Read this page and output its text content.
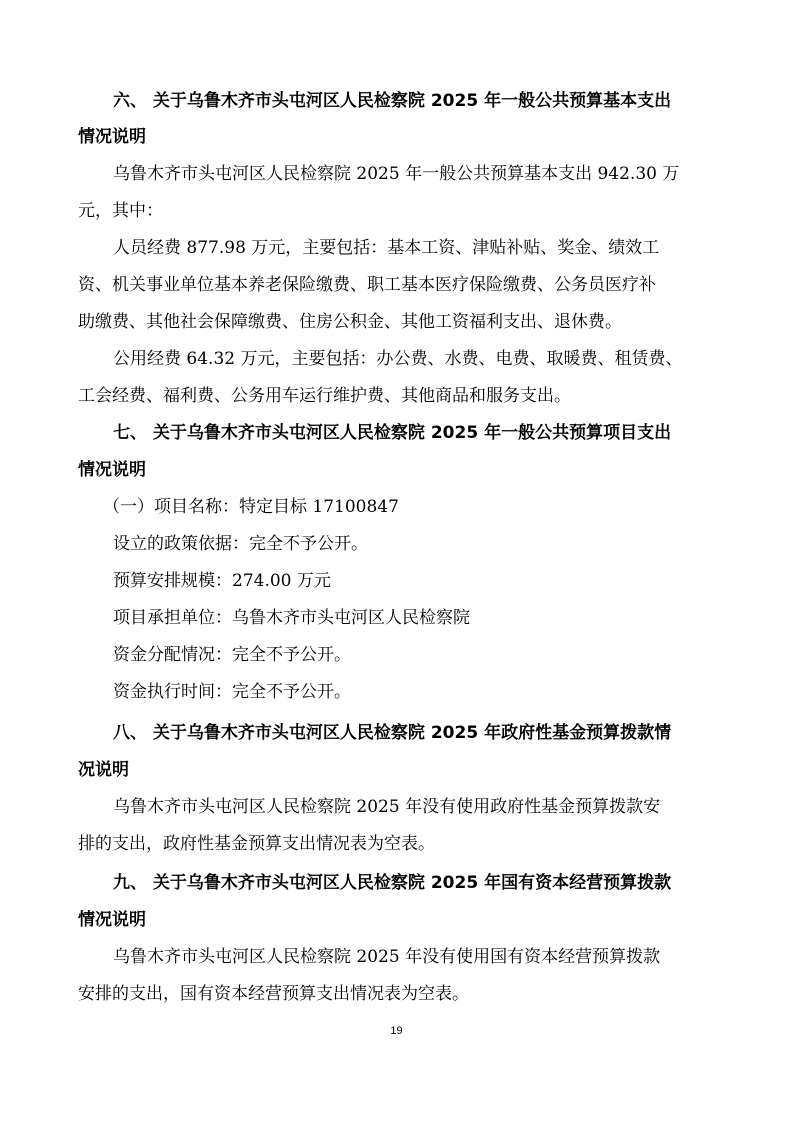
六、 关于乌鲁木齐市头屯河区人民检察院 2025 年一般公共预算基本支出
情况说明
乌鲁木齐市头屯河区人民检察院 2025 年一般公共预算基本支出 942.30 万
元，其中：
人员经费 877.98 万元，主要包括：基本工资、津贴补贴、奖金、绩效工
资、机关事业单位基本养老保险缴费、职工基本医疗保险缴费、公务员医疗补
助缴费、其他社会保障缴费、住房公积金、其他工资福利支出、退休费。
公用经费 64.32 万元，主要包括：办公费、水费、电费、取暖费、租赁费、
工会经费、福利费、公务用车运行维护费、其他商品和服务支出。
七、 关于乌鲁木齐市头屯河区人民检察院 2025 年一般公共预算项目支出
情况说明
（一）项目名称：特定目标 17100847
设立的政策依据：完全不予公开。
预算安排规模：274.00 万元
项目承担单位：乌鲁木齐市头屯河区人民检察院
资金分配情况：完全不予公开。
资金执行时间：完全不予公开。
八、 关于乌鲁木齐市头屯河区人民检察院 2025 年政府性基金预算拨款情
况说明
乌鲁木齐市头屯河区人民检察院 2025 年没有使用政府性基金预算拨款安
排的支出，政府性基金预算支出情况表为空表。
九、 关于乌鲁木齐市头屯河区人民检察院 2025 年国有资本经营预算拨款
情况说明
乌鲁木齐市头屯河区人民检察院 2025 年没有使用国有资本经营预算拨款
安排的支出，国有资本经营预算支出情况表为空表。
19
